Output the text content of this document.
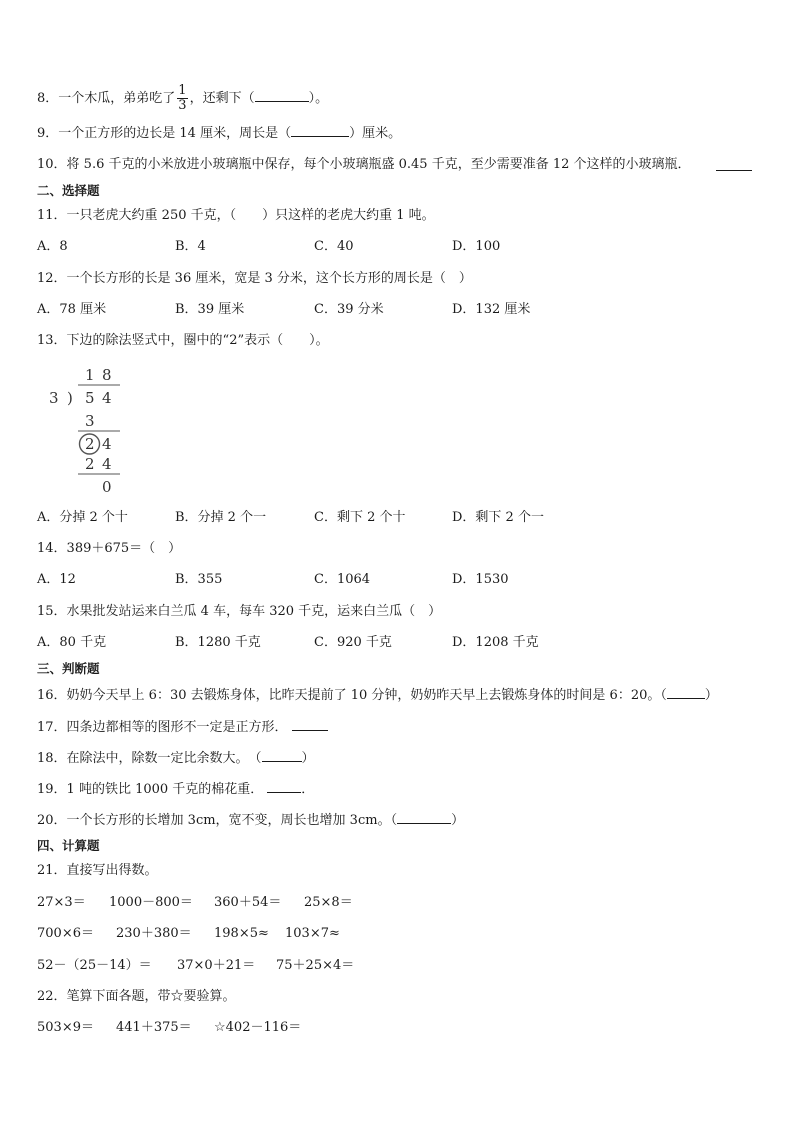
8．一个木瓜，弟弟吃了 $\frac{1}{3}$ ，还剩下（	）。
9．一个正方形的边长是 14 厘米，周长是（	）厘米。
10．将 5.6 千克的小米放进小玻璃瓶中保存，每个小玻璃瓶盛 0.45 千克，至少需要准备 12 个这样的小玻璃瓶．
二、选择题
11．一只老虎大约重 250 千克，（　　）只这样的老虎大约重 1 吨。
A．8	B．4	C．40	D．100
12．一个长方形的长是 36 厘米，宽是 3 分米，这个长方形的周长是（　）
A．78 厘米	B．39 厘米	C．39 分米	D．132 厘米
13．下边的除法竖式中，圈中的“2”表示（　　）。
1 8
3 ) 5 4
3
2 4
2 4
0
A．分掉 2 个十	B．分掉 2 个一	C．剩下 2 个十	D．剩下 2 个一
14．389＋675＝（　）
A．12	B．355	C．1064	D．1530
15．水果批发站运来白兰瓜 4 车，每车 320 千克，运来白兰瓜（　）
A．80 千克	B．1280 千克	C．920 千克	D．1208 千克
三、判断题
16．奶奶今天早上 6：30 去锻炼身体，比昨天提前了 10 分钟，奶奶昨天早上去锻炼身体的时间是 6：20。（	）
17．四条边都相等的图形不一定是正方形．
18．在除法中，除数一定比余数大。　（	）
19．1 吨的铁比 1000 千克的棉花重．	．
20．一个长方形的长增加 3cm，宽不变，周长也增加 3cm。（	）
四、计算题
21．直接写出得数。
27×3＝ 1000－800＝ 360＋54＝ 25×8＝
700×6＝ 230＋380＝ 198×5≈ 103×7≈
52－（25－14）＝ 37×0＋21＝ 75＋25×4＝
22．笔算下面各题，带☆要验算。
503×9＝ 441＋375＝ ☆402－116＝
